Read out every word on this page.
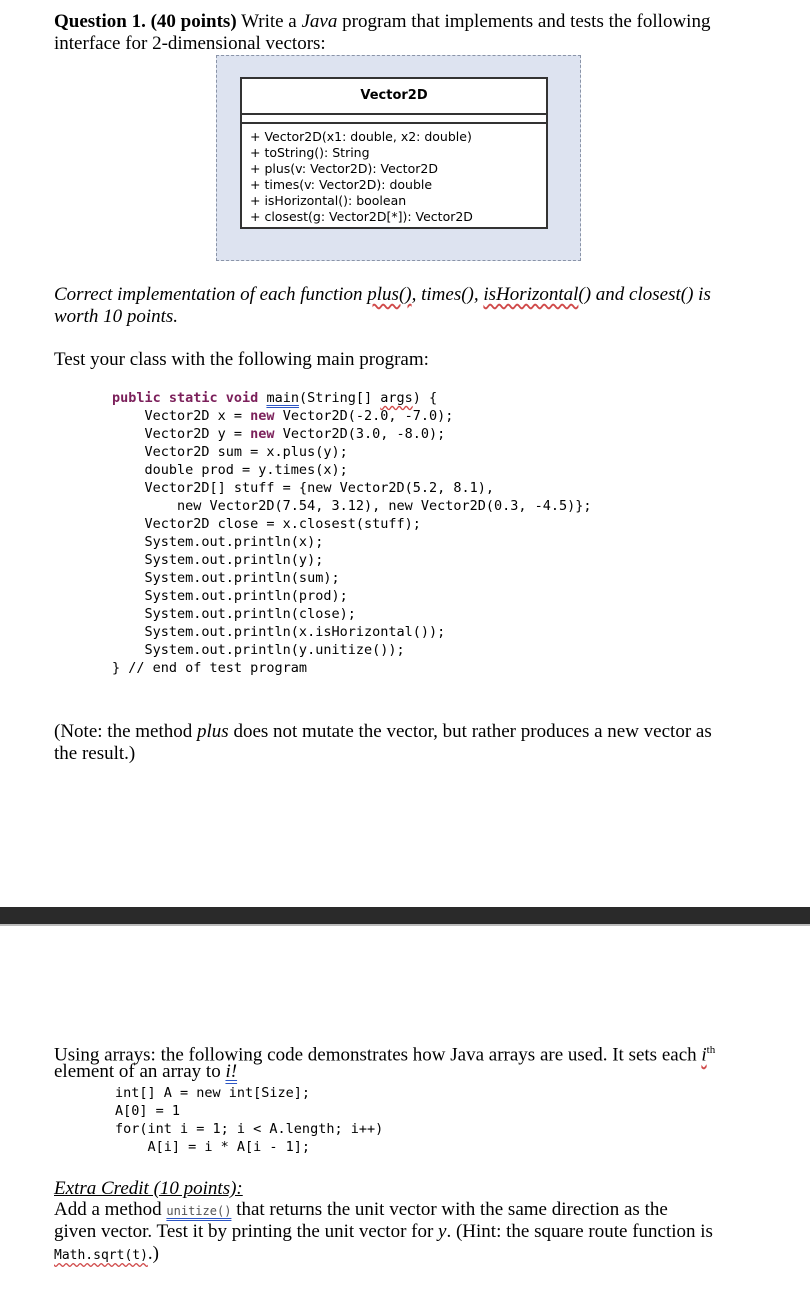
Question 1. (40 points) Write a Java program that implements and tests the following
interface for 2-dimensional vectors:
Vector2D
+ Vector2D(x1: double, x2: double)
+ toString(): String
+ plus(v: Vector2D): Vector2D
+ times(v: Vector2D): double
+ isHorizontal(): boolean
+ closest(g: Vector2D[*]): Vector2D
Correct implementation of each function plus(), times(), isHorizontal() and closest() is
worth 10 points.
Test your class with the following main program:
public static void main(String[] args) {
Vector2D x = new Vector2D(-2.0, -7.0);
Vector2D y = new Vector2D(3.0, -8.0);
Vector2D sum = x.plus(y);
double prod = y.times(x);
Vector2D[] stuff = {new Vector2D(5.2, 8.1),
new Vector2D(7.54, 3.12), new Vector2D(0.3, -4.5)};
Vector2D close = x.closest(stuff);
System.out.println(x);
System.out.println(y);
System.out.println(sum);
System.out.println(prod);
System.out.println(close);
System.out.println(x.isHorizontal());
System.out.println(y.unitize());
} // end of test program
(Note: the method plus does not mutate the vector, but rather produces a new vector as
the result.)
Using arrays: the following code demonstrates how Java arrays are used. It sets each $i^{th}$
element of an array to i!
int[] A = new int[Size];
A[0] = 1
for(int i = 1; i < A.length; i++)
A[i] = i * A[i - 1];
Extra Credit (10 points):
Add a method unitize() that returns the unit vector with the same direction as the
given vector. Test it by printing the unit vector for y. (Hint: the square route function is
Math.sqrt(t).)
